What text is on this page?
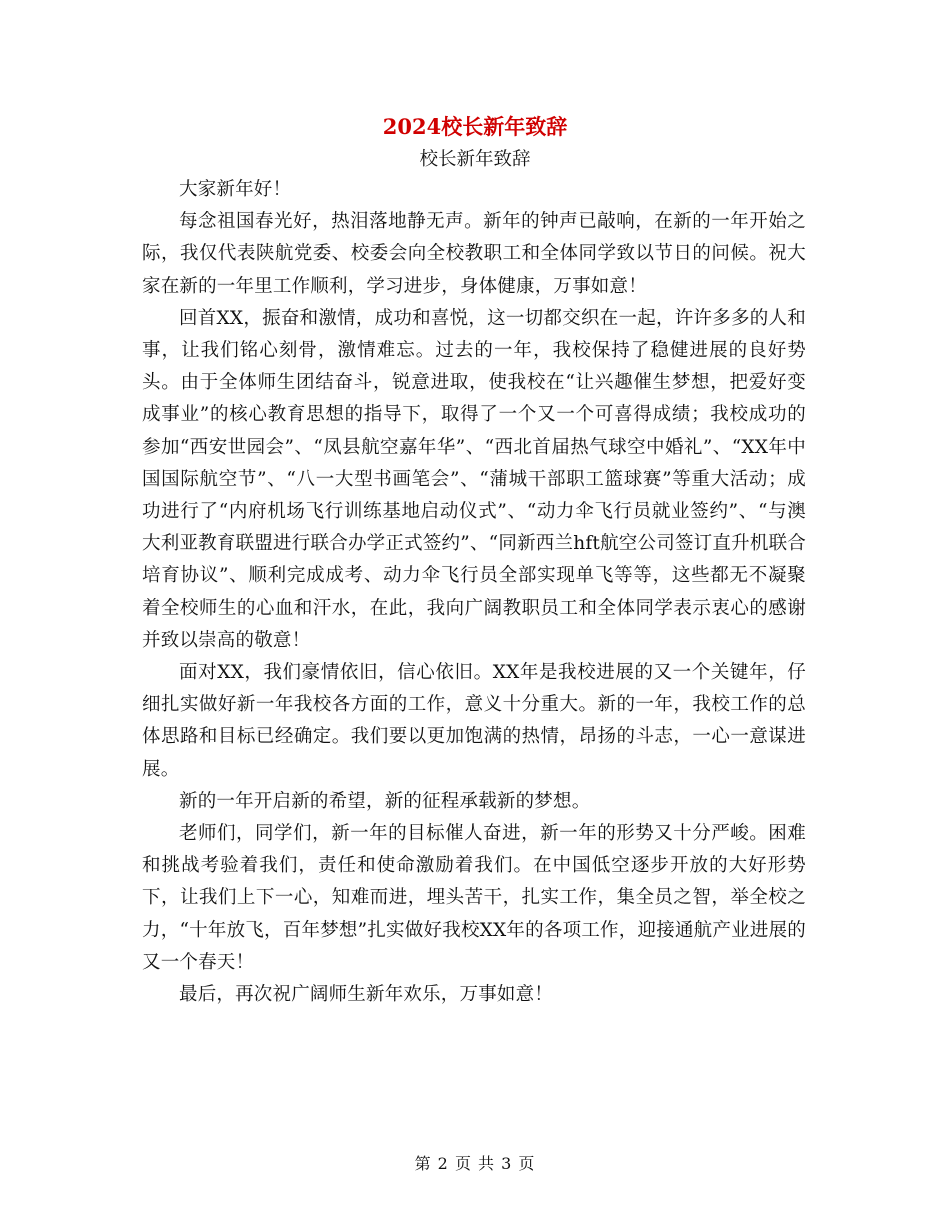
2024校长新年致辞
校长新年致辞

大家新年好！

每念祖国春光好，热泪落地静无声。新年的钟声已敲响，在新的一年开始之际，我仅代表陕航党委、校委会向全校教职工和全体同学致以节日的问候。祝大家在新的一年里工作顺利，学习进步，身体健康，万事如意！

回首XX，振奋和激情，成功和喜悦，这一切都交织在一起，许许多多的人和事，让我们铭心刻骨，激情难忘。过去的一年，我校保持了稳健进展的良好势头。由于全体师生团结奋斗，锐意进取，使我校在“让兴趣催生梦想，把爱好变成事业”的核心教育思想的指导下，取得了一个又一个可喜得成绩；我校成功的参加“西安世园会”、“凤县航空嘉年华”、“西北首届热气球空中婚礼”、“XX年中国国际航空节”、“八一大型书画笔会”、“蒲城干部职工篮球赛”等重大活动；成功进行了“内府机场飞行训练基地启动仪式”、“动力伞飞行员就业签约”、“与澳大利亚教育联盟进行联合办学正式签约”、“同新西兰hft航空公司签订直升机联合培育协议”、顺利完成成考、动力伞飞行员全部实现单飞等等，这些都无不凝聚着全校师生的心血和汗水，在此，我向广阔教职员工和全体同学表示衷心的感谢并致以崇高的敬意！

面对XX，我们豪情依旧，信心依旧。XX年是我校进展的又一个关键年，仔细扎实做好新一年我校各方面的工作，意义十分重大。新的一年，我校工作的总体思路和目标已经确定。我们要以更加饱满的热情，昂扬的斗志，一心一意谋进展。

新的一年开启新的希望，新的征程承载新的梦想。

老师们，同学们，新一年的目标催人奋进，新一年的形势又十分严峻。困难和挑战考验着我们，责任和使命激励着我们。在中国低空逐步开放的大好形势下，让我们上下一心，知难而进，埋头苦干，扎实工作，集全员之智，举全校之力，“十年放飞，百年梦想”扎实做好我校XX年的各项工作，迎接通航产业进展的又一个春天！

最后，再次祝广阔师生新年欢乐，万事如意！

第 2 页 共 3 页
